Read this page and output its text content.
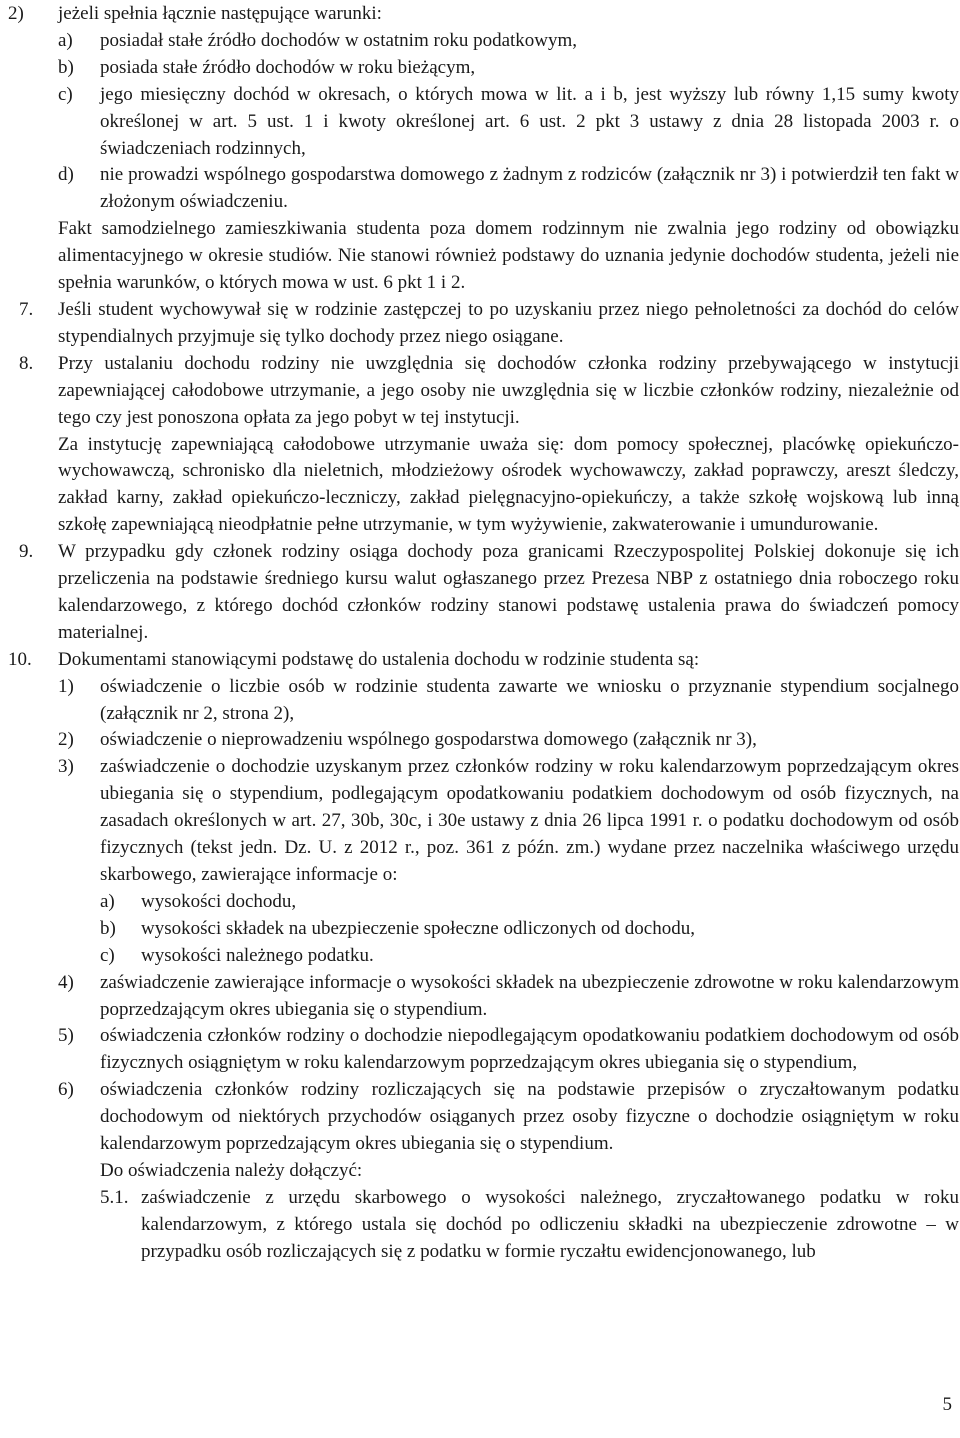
2)	jeżeli spełnia łącznie następujące warunki:
a)	posiadał stałe źródło dochodów w ostatnim roku podatkowym,
b)	posiada stałe źródło dochodów w roku bieżącym,
c)	jego miesięczny dochód w okresach, o których mowa w lit. a i b, jest wyższy lub równy 1,15 sumy kwoty określonej w art. 5 ust. 1 i kwoty określonej art. 6 ust. 2 pkt 3 ustawy z dnia 28 listopada 2003 r. o świadczeniach rodzinnych,
d)	nie prowadzi wspólnego gospodarstwa domowego z żadnym z rodziców (załącznik nr 3) i potwierdził ten fakt w złożonym oświadczeniu.
Fakt samodzielnego zamieszkiwania studenta poza domem rodzinnym nie zwalnia jego rodziny od obowiązku alimentacyjnego w okresie studiów. Nie stanowi również podstawy do uznania jedynie dochodów studenta, jeżeli nie spełnia warunków, o których mowa w ust. 6 pkt 1 i 2.
7.	Jeśli student wychowywał się w rodzinie zastępczej to po uzyskaniu przez niego pełnoletności za dochód do celów stypendialnych przyjmuje się tylko dochody przez niego osiągane.
8.	Przy ustalaniu dochodu rodziny nie uwzględnia się dochodów członka rodziny przebywającego w instytucji zapewniającej całodobowe utrzymanie, a jego osoby nie uwzględnia się w liczbie członków rodziny, niezależnie od tego czy jest ponoszona opłata za jego pobyt w tej instytucji.
Za instytucję zapewniającą całodobowe utrzymanie uważa się: dom pomocy społecznej, placówkę opiekuńczo-wychowawczą, schronisko dla nieletnich, młodzieżowy ośrodek wychowawczy, zakład poprawczy, areszt śledczy, zakład karny, zakład opiekuńczo-leczniczy, zakład pielęgnacyjno-opiekuńczy, a także szkołę wojskową lub inną szkołę zapewniającą nieodpłatnie pełne utrzymanie, w tym wyżywienie, zakwaterowanie i umundurowanie.
9.	W przypadku gdy członek rodziny osiąga dochody poza granicami Rzeczypospolitej Polskiej dokonuje się ich przeliczenia na podstawie średniego kursu walut ogłaszanego przez Prezesa NBP z ostatniego dnia roboczego roku kalendarzowego, z którego dochód członków rodziny stanowi podstawę ustalenia prawa do świadczeń pomocy materialnej.
10.	Dokumentami stanowiącymi podstawę do ustalenia dochodu w rodzinie studenta są:
1)	oświadczenie o liczbie osób w rodzinie studenta zawarte we wniosku o przyznanie stypendium socjalnego (załącznik nr 2, strona 2),
2)	oświadczenie o nieprowadzeniu wspólnego gospodarstwa domowego (załącznik nr 3),
3)	zaświadczenie o dochodzie uzyskanym przez członków rodziny w roku kalendarzowym poprzedzającym okres ubiegania się o stypendium, podlegającym opodatkowaniu podatkiem dochodowym od osób fizycznych, na zasadach określonych w art. 27, 30b, 30c, i 30e ustawy z dnia 26 lipca 1991 r. o podatku dochodowym od osób fizycznych (tekst jedn. Dz. U. z 2012 r., poz. 361 z późn. zm.) wydane przez naczelnika właściwego urzędu skarbowego, zawierające informacje o:
a)	wysokości dochodu,
b)	wysokości składek na ubezpieczenie społeczne odliczonych od dochodu,
c)	wysokości należnego podatku.
4)	zaświadczenie zawierające informacje o wysokości składek na ubezpieczenie zdrowotne w roku kalendarzowym poprzedzającym okres ubiegania się o stypendium.
5)	oświadczenia członków rodziny o dochodzie niepodlegającym opodatkowaniu podatkiem dochodowym od osób fizycznych osiągniętym w roku kalendarzowym poprzedzającym okres ubiegania się o stypendium,
6)	oświadczenia członków rodziny rozliczających się na podstawie przepisów o zryczałtowanym podatku dochodowym od niektórych przychodów osiąganych przez osoby fizyczne o dochodzie osiągniętym w roku kalendarzowym poprzedzającym okres ubiegania się o stypendium.
Do oświadczenia należy dołączyć:
5.1. zaświadczenie z urzędu skarbowego o wysokości należnego, zryczałtowanego podatku w roku kalendarzowym, z którego ustala się dochód po odliczeniu składki na ubezpieczenie zdrowotne – w przypadku osób rozliczających się z podatku w formie ryczałtu ewidencjonowanego, lub
5
